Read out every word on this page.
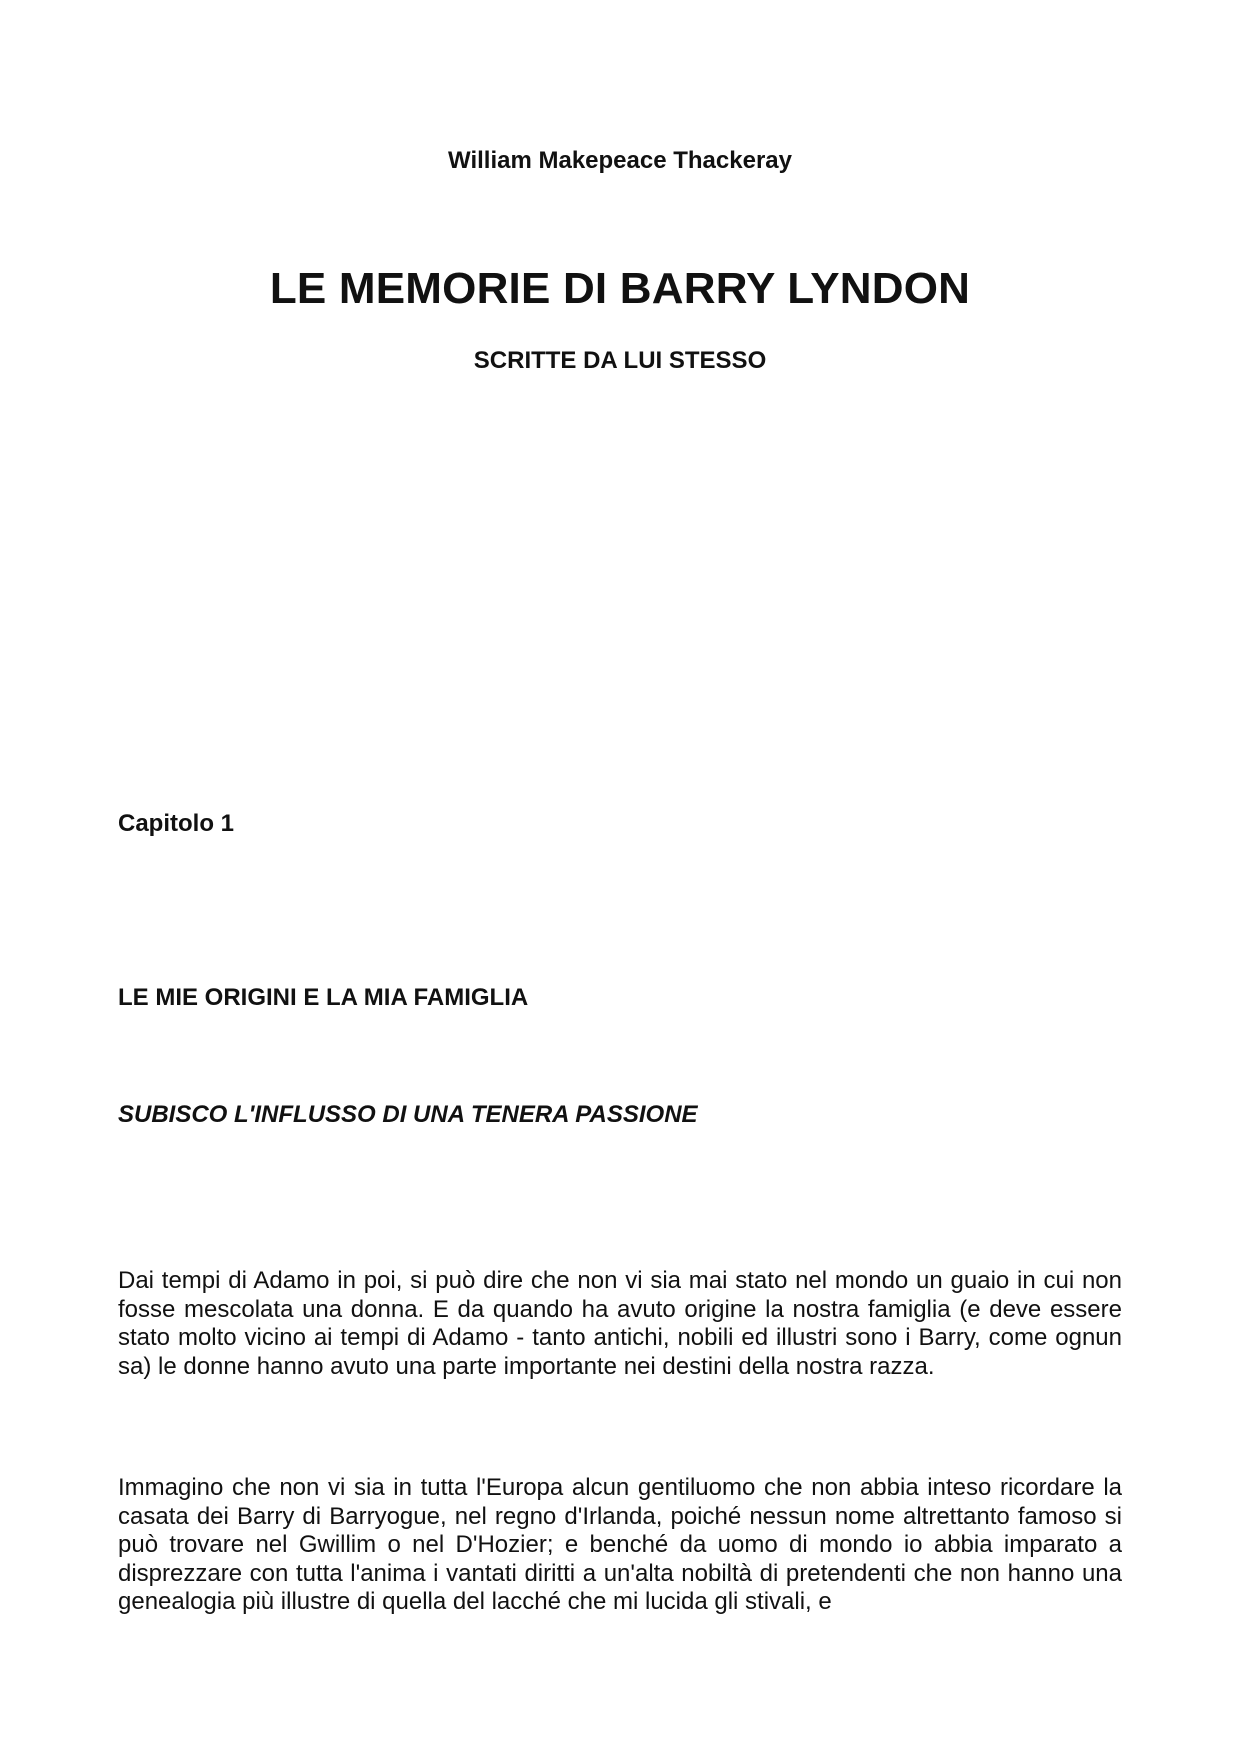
William Makepeace Thackeray
LE MEMORIE DI BARRY LYNDON
SCRITTE DA LUI STESSO
Capitolo 1
LE MIE ORIGINI E LA MIA FAMIGLIA
SUBISCO L'INFLUSSO DI UNA TENERA PASSIONE

Dai tempi di Adamo in poi, si può dire che non vi sia mai stato nel mondo un guaio in cui non fosse mescolata una donna. E da quando ha avuto origine la nostra famiglia (e deve essere stato molto vicino ai tempi di Adamo - tanto antichi, nobili ed illustri sono i Barry, come ognun sa) le donne hanno avuto una parte importante nei destini della nostra razza.

Immagino che non vi sia in tutta l'Europa alcun gentiluomo che non abbia inteso ricordare la casata dei Barry di Barryogue, nel regno d'Irlanda, poiché nessun nome altrettanto famoso si può trovare nel Gwillim o nel D'Hozier; e benché da uomo di mondo io abbia imparato a disprezzare con tutta l'anima i vantati diritti a un'alta nobiltà di pretendenti che non hanno una genealogia più illustre di quella del lacché che mi lucida gli stivali, e
